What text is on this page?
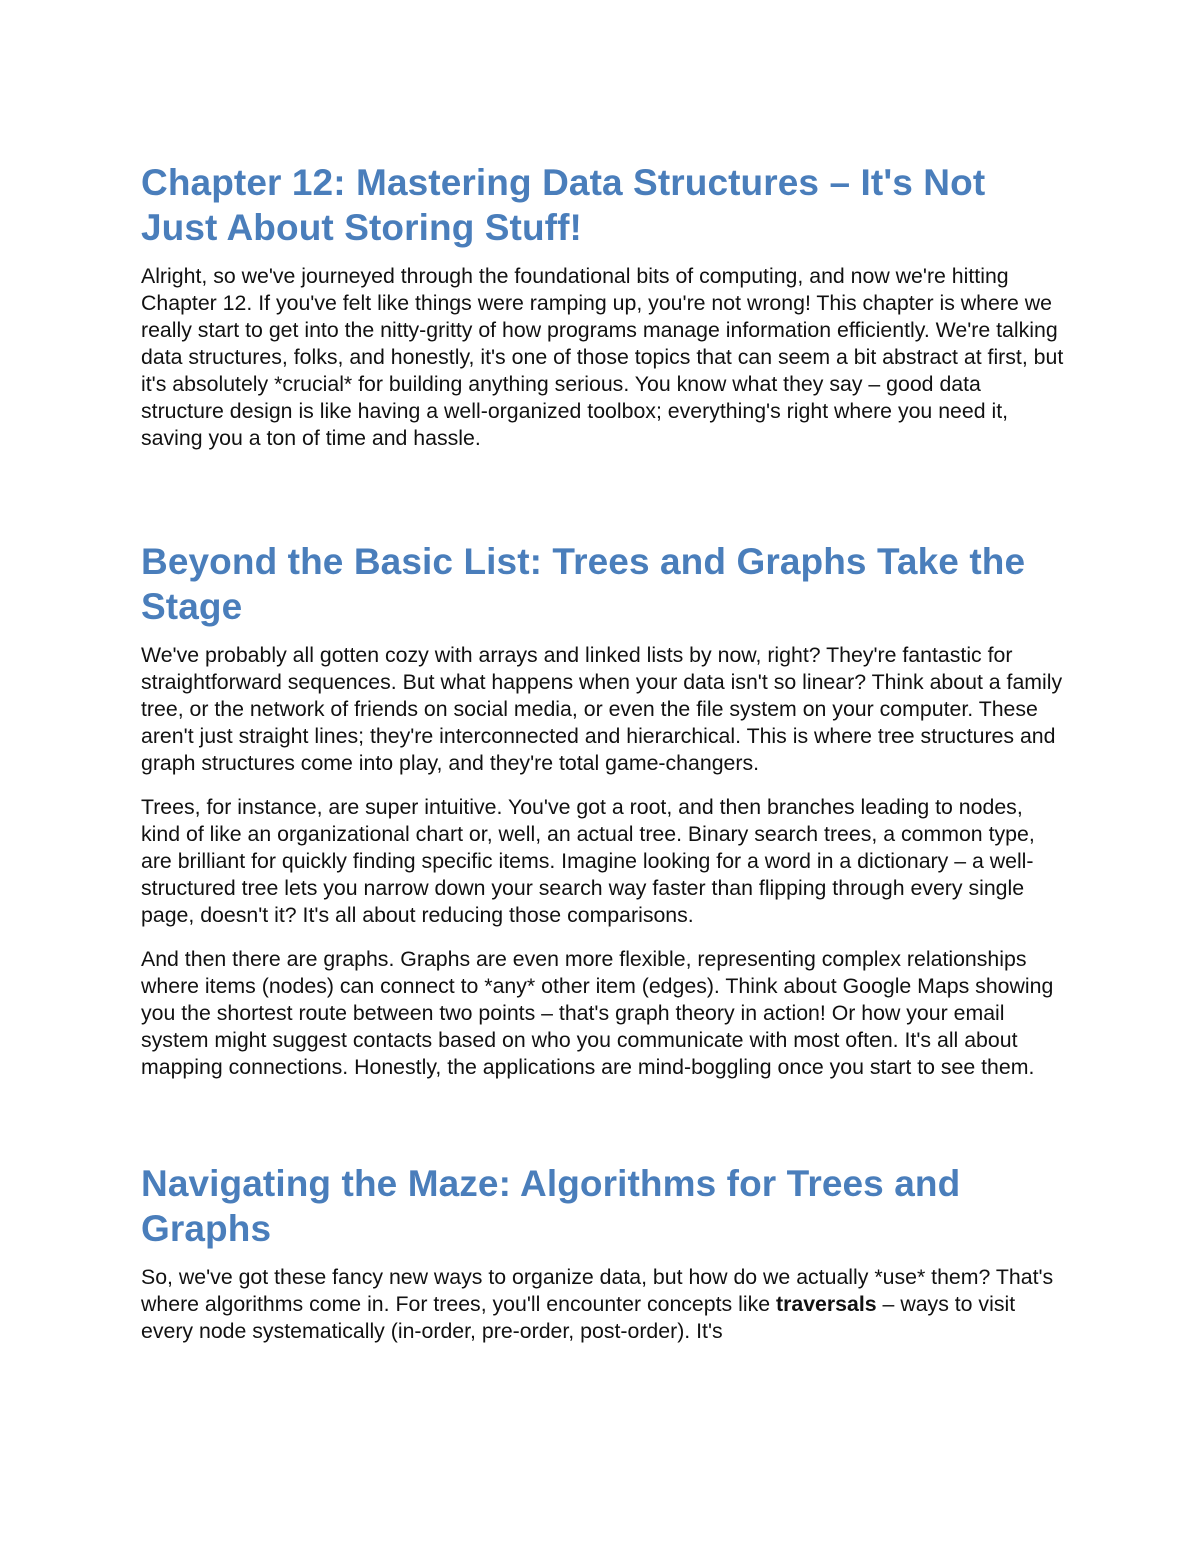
Chapter 12: Mastering Data Structures – It's Not Just About Storing Stuff!

Alright, so we've journeyed through the foundational bits of computing, and now we're hitting Chapter 12. If you've felt like things were ramping up, you're not wrong! This chapter is where we really start to get into the nitty-gritty of how programs manage information efficiently. We're talking data structures, folks, and honestly, it's one of those topics that can seem a bit abstract at first, but it's absolutely *crucial* for building anything serious. You know what they say – good data structure design is like having a well-organized toolbox; everything's right where you need it, saving you a ton of time and hassle.

Beyond the Basic List: Trees and Graphs Take the Stage

We've probably all gotten cozy with arrays and linked lists by now, right? They're fantastic for straightforward sequences. But what happens when your data isn't so linear? Think about a family tree, or the network of friends on social media, or even the file system on your computer. These aren't just straight lines; they're interconnected and hierarchical. This is where tree structures and graph structures come into play, and they're total game-changers.

Trees, for instance, are super intuitive. You've got a root, and then branches leading to nodes, kind of like an organizational chart or, well, an actual tree. Binary search trees, a common type, are brilliant for quickly finding specific items. Imagine looking for a word in a dictionary – a well-structured tree lets you narrow down your search way faster than flipping through every single page, doesn't it? It's all about reducing those comparisons.

And then there are graphs. Graphs are even more flexible, representing complex relationships where items (nodes) can connect to *any* other item (edges). Think about Google Maps showing you the shortest route between two points – that's graph theory in action! Or how your email system might suggest contacts based on who you communicate with most often. It's all about mapping connections. Honestly, the applications are mind-boggling once you start to see them.

Navigating the Maze: Algorithms for Trees and Graphs

So, we've got these fancy new ways to organize data, but how do we actually *use* them? That's where algorithms come in. For trees, you'll encounter concepts like traversals – ways to visit every node systematically (in-order, pre-order, post-order). It's
